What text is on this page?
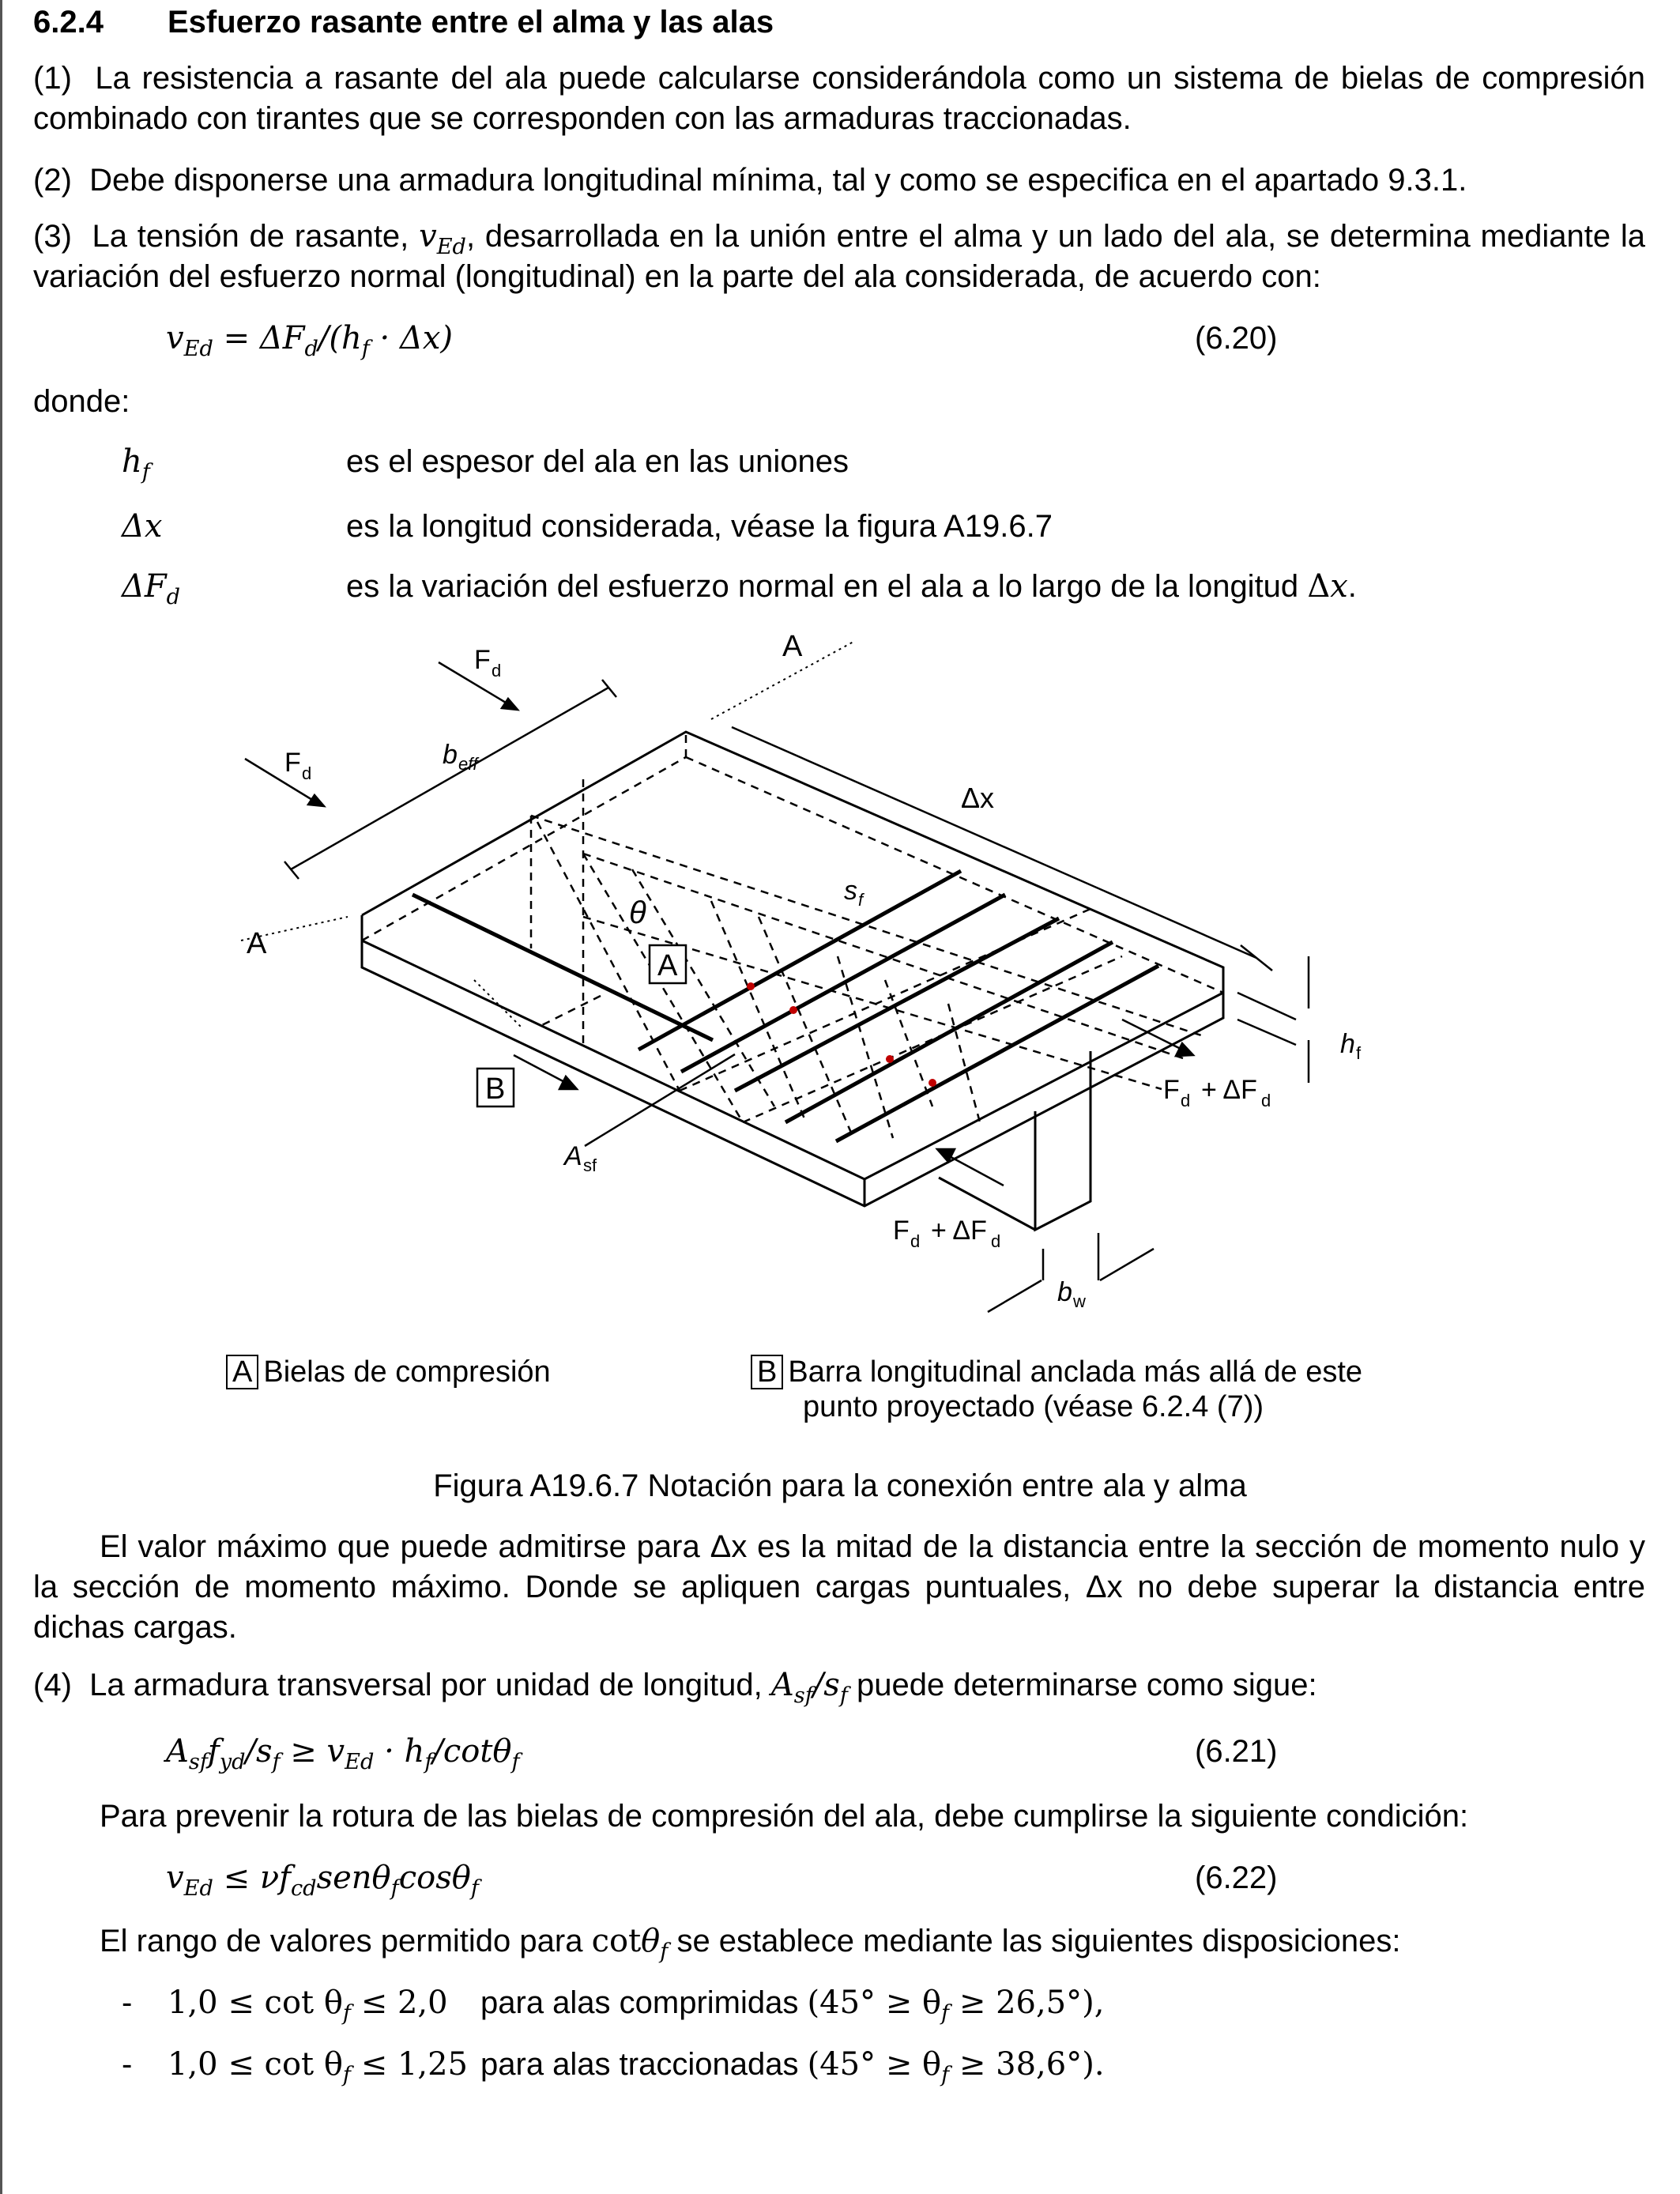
6.2.4 Esfuerzo rasante entre el alma y las alas
(1) La resistencia a rasante del ala puede calcularse considerándola como un sistema de bielas de compresión combinado con tirantes que se corresponden con las armaduras traccionadas.
(2) Debe disponerse una armadura longitudinal mínima, tal y como se especifica en el apartado 9.3.1.
(3) La tensión de rasante, $v_{Ed}$, desarrollada en la unión entre el alma y un lado del ala, se determina mediante la variación del esfuerzo normal (longitudinal) en la parte del ala considerada, de acuerdo con:
$v_{Ed} = \Delta F_d/(h_f \cdot \Delta x)$	(6.20)
donde:
$h_f$	es el espesor del ala en las uniones
Δx	es la longitud considerada, véase la figura A19.6.7
$\Delta F_d$	es la variación del esfuerzo normal en el ala a lo largo de la longitud Δx.
F d
F d
A
A
b eff
Δx
θ
s f
h f
A sf
F d + ΔF d
F d + ΔF d
b w
A
B
A Bielas de compresión	B Barra longitudinal anclada más allá de este
punto proyectado (véase 6.2.4 (7))
Figura A19.6.7 Notación para la conexión entre ala y alma
El valor máximo que puede admitirse para Δx es la mitad de la distancia entre la sección de momento nulo y la sección de momento máximo. Donde se apliquen cargas puntuales, Δx no debe superar la distancia entre dichas cargas.
(4) La armadura transversal por unidad de longitud, $A_{sf}/s_f$ puede determinarse como sigue:
$A_{sf}f_{yd}/s_f \ge v_{Ed} \cdot h_f/\cot\theta_f$	(6.21)
Para prevenir la rotura de las bielas de compresión del ala, debe cumplirse la siguiente condición:
$v_{Ed} \le \nu f_{cd}sen\theta_f\cos\theta_f$	(6.22)
El rango de valores permitido para cotθ$_f$ se establece mediante las siguientes disposiciones:
- $1,0 \le \cot \theta_f \le 2,0$ para alas comprimidas $(45^\circ \ge \theta_f \ge 26,5^\circ)$,
- $1,0 \le \cot \theta_f \le 1,25$ para alas traccionadas $(45^\circ \ge \theta_f \ge 38,6^\circ)$.
